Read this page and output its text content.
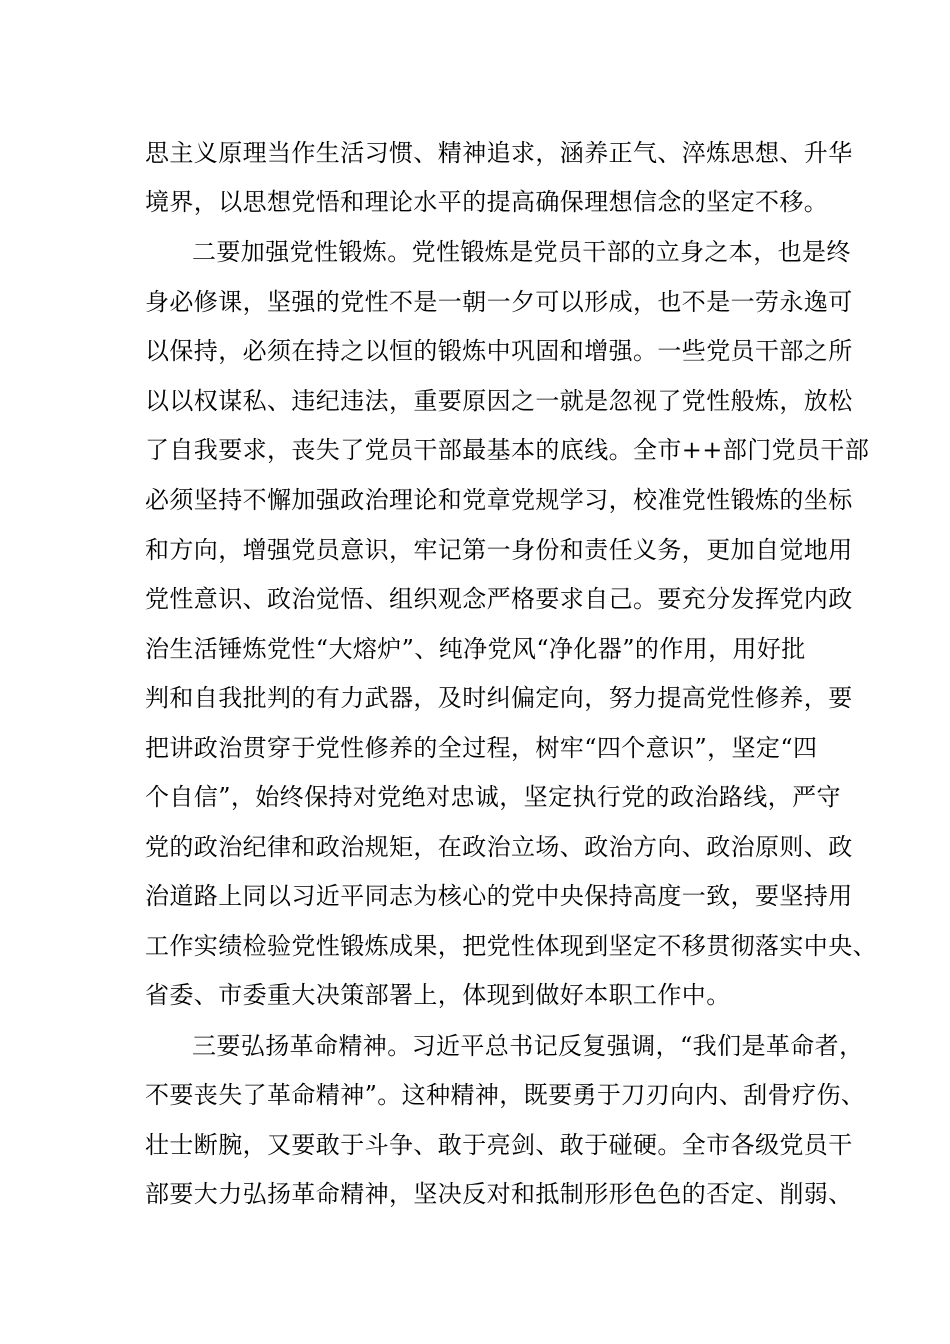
思主义原理当作生活习惯、精神追求，涵养正气、淬炼思想、升华
境界，以思想党悟和理论水平的提高确保理想信念的坚定不移。
二要加强党性锻炼。党性锻炼是党员干部的立身之本，也是终
身必修课，坚强的党性不是一朝一夕可以形成，也不是一劳永逸可
以保持，必须在持之以恒的锻炼中巩固和增强。一些党员干部之所
以以权谋私、违纪违法，重要原因之一就是忽视了党性般炼，放松
了自我要求，丧失了党员干部最基本的底线。全市++部门党员干部
必须坚持不懈加强政治理论和党章党规学习，校准党性锻炼的坐标
和方向，增强党员意识，牢记第一身份和责任义务，更加自觉地用
党性意识、政治觉悟、组织观念严格要求自己。要充分发挥党内政
治生活锤炼党性“大熔炉”、纯净党风“净化器”的作用，用好批
判和自我批判的有力武器，及时纠偏定向，努力提高党性修养，要
把讲政治贯穿于党性修养的全过程，树牢“四个意识”，坚定“四
个自信”，始终保持对党绝对忠诚，坚定执行党的政治路线，严守
党的政治纪律和政治规矩，在政治立场、政治方向、政治原则、政
治道路上同以习近平同志为核心的党中央保持高度一致，要坚持用
工作实绩检验党性锻炼成果，把党性体现到坚定不移贯彻落实中央、
省委、市委重大决策部署上，体现到做好本职工作中。
三要弘扬革命精神。习近平总书记反复强调，“我们是革命者，
不要丧失了革命精神”。这种精神，既要勇于刀刃向内、刮骨疗伤、
壮士断腕，又要敢于斗争、敢于亮剑、敢于碰硬。全市各级党员干
部要大力弘扬革命精神，坚决反对和抵制形形色色的否定、削弱、
